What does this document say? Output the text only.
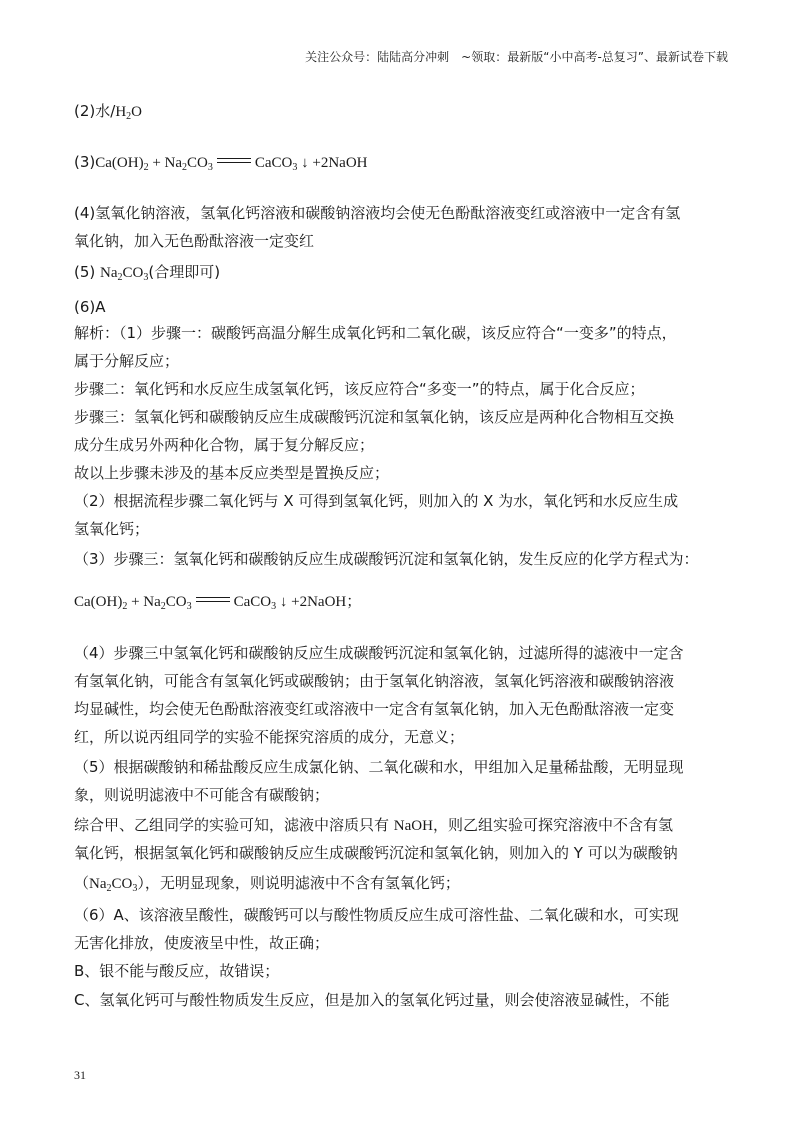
关注公众号：陆陆高分冲刺　~领取：最新版“小中高考-总复习”、最新试卷下载
(2)水$/H_2O$
$(3)Ca(OH)_2 + Na_2CO_3$	CaCO$_3$ ↓ +2NaOH
(4)氢氧化钠溶液，氢氧化钙溶液和碳酸钠溶液均会使无色酚酞溶液变红或溶液中一定含有氢
氧化钠，加入无色酚酞溶液一定变红
(5) $Na_2CO_3$(合理即可)
(6)A
解析：（1）步骤一：碳酸钙高温分解生成氧化钙和二氧化碳，该反应符合“一变多”的特点，
属于分解反应；
步骤二：氧化钙和水反应生成氢氧化钙，该反应符合“多变一”的特点，属于化合反应；
步骤三：氢氧化钙和碳酸钠反应生成碳酸钙沉淀和氢氧化钠，该反应是两种化合物相互交换
成分生成另外两种化合物，属于复分解反应；
故以上步骤未涉及的基本反应类型是置换反应；
（2）根据流程步骤二氧化钙与 X 可得到氢氧化钙，则加入的 X 为水，氧化钙和水反应生成
氢氧化钙；
（3）步骤三：氢氧化钙和碳酸钠反应生成碳酸钙沉淀和氢氧化钠，发生反应的化学方程式为：
$Ca(OH)_2 + Na_2CO_3$	CaCO$_3$ ↓ +2NaOH；
（4）步骤三中氢氧化钙和碳酸钠反应生成碳酸钙沉淀和氢氧化钠，过滤所得的滤液中一定含
有氢氧化钠，可能含有氢氧化钙或碳酸钠；由于氢氧化钠溶液，氢氧化钙溶液和碳酸钠溶液
均显碱性，均会使无色酚酞溶液变红或溶液中一定含有氢氧化钠，加入无色酚酞溶液一定变
红，所以说丙组同学的实验不能探究溶质的成分，无意义；
（5）根据碳酸钠和稀盐酸反应生成氯化钠、二氧化碳和水，甲组加入足量稀盐酸，无明显现
象，则说明滤液中不可能含有碳酸钠；
综合甲、乙组同学的实验可知，滤液中溶质只有 NaOH，则乙组实验可探究溶液中不含有氢
氧化钙，根据氢氧化钙和碳酸钠反应生成碳酸钙沉淀和氢氧化钠，则加入的 Y 可以为碳酸钠
$(Na_2CO_3)$，无明显现象，则说明滤液中不含有氢氧化钙；
（6）A、该溶液呈酸性，碳酸钙可以与酸性物质反应生成可溶性盐、二氧化碳和水，可实现
无害化排放，使废液呈中性，故正确；
B、银不能与酸反应，故错误；
C、氢氧化钙可与酸性物质发生反应，但是加入的氢氧化钙过量，则会使溶液显碱性，不能
31
